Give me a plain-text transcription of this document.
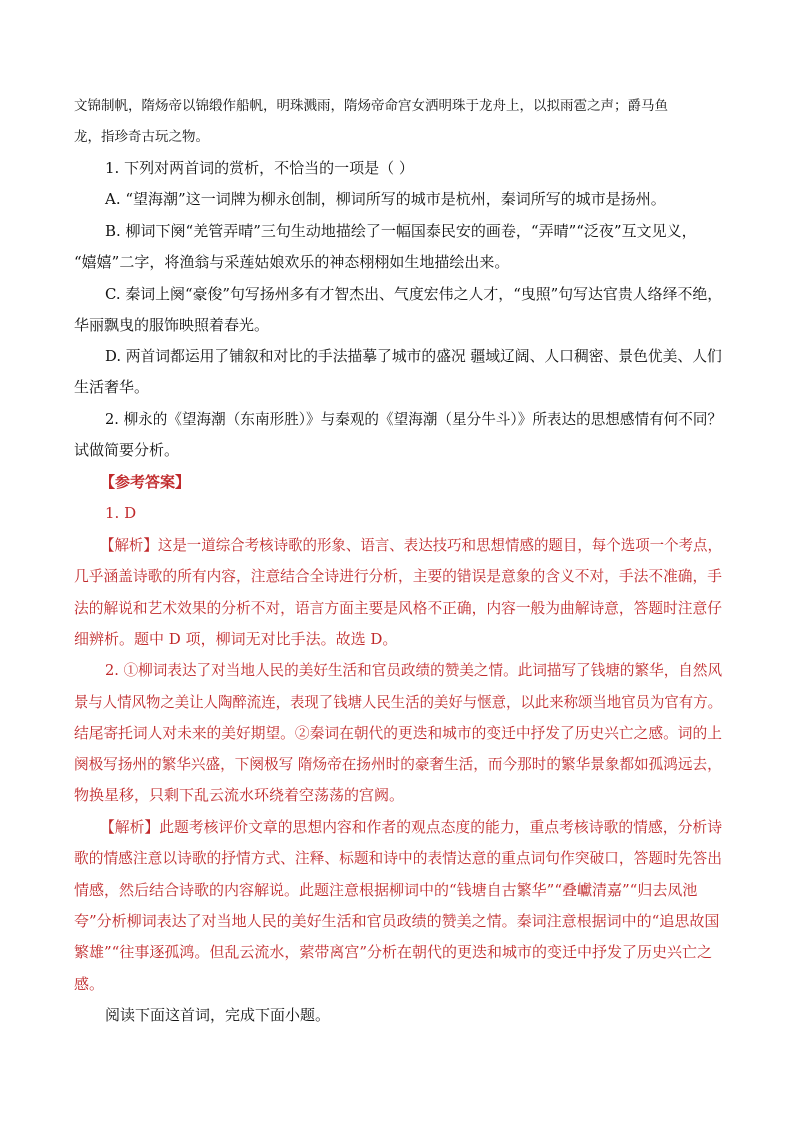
文锦制帆，隋炀帝以锦缎作船帆，明珠溅雨，隋炀帝命宫女洒明珠于龙舟上，以拟雨雹之声；爵马鱼
龙，指珍奇古玩之物。
1. 下列对两首词的赏析，不恰当的一项是（ ）
A. “望海潮”这一词牌为柳永创制，柳词所写的城市是杭州，秦词所写的城市是扬州。
B. 柳词下阕“羌管弄晴”三句生动地描绘了一幅国泰民安的画卷，“弄晴”“泛夜”互文见义，
“嬉嬉”二字，将渔翁与采莲姑娘欢乐的神态栩栩如生地描绘出来。
C. 秦词上阕“豪俊”句写扬州多有才智杰出、气度宏伟之人才，“曳照”句写达官贵人络绎不绝，
华丽飘曳的服饰映照着春光。
D. 两首词都运用了铺叙和对比的手法描摹了城市的盛况 疆域辽阔、人口稠密、景色优美、人们
生活奢华。
2. 柳永的《望海潮（东南形胜）》与秦观的《望海潮（星分牛斗）》所表达的思想感情有何不同？
试做简要分析。
【参考答案】
1. D
【解析】这是一道综合考核诗歌的形象、语言、表达技巧和思想情感的题目，每个选项一个考点，
几乎涵盖诗歌的所有内容，注意结合全诗进行分析，主要的错误是意象的含义不对，手法不准确，手
法的解说和艺术效果的分析不对，语言方面主要是风格不正确，内容一般为曲解诗意，答题时注意仔
细辨析。题中 D 项，柳词无对比手法。故选 D。
2. ①柳词表达了对当地人民的美好生活和官员政绩的赞美之情。此词描写了钱塘的繁华，自然风
景与人情风物之美让人陶醉流连，表现了钱塘人民生活的美好与惬意，以此来称颂当地官员为官有方。
结尾寄托词人对未来的美好期望。②秦词在朝代的更迭和城市的变迁中抒发了历史兴亡之感。词的上
阕极写扬州的繁华兴盛，下阕极写 隋炀帝在扬州时的豪奢生活，而今那时的繁华景象都如孤鸿远去，
物换星移，只剩下乱云流水环绕着空荡荡的宫阙。
【解析】此题考核评价文章的思想内容和作者的观点态度的能力，重点考核诗歌的情感，分析诗
歌的情感注意以诗歌的抒情方式、注释、标题和诗中的表情达意的重点词句作突破口，答题时先答出
情感，然后结合诗歌的内容解说。此题注意根据柳词中的“钱塘自古繁华”“叠巘清嘉”“归去凤池
夸”分析柳词表达了对当地人民的美好生活和官员政绩的赞美之情。秦词注意根据词中的“追思故国
繁雄”“往事逐孤鸿。但乱云流水，萦带离宫”分析在朝代的更迭和城市的变迁中抒发了历史兴亡之
感。
阅读下面这首词，完成下面小题。
